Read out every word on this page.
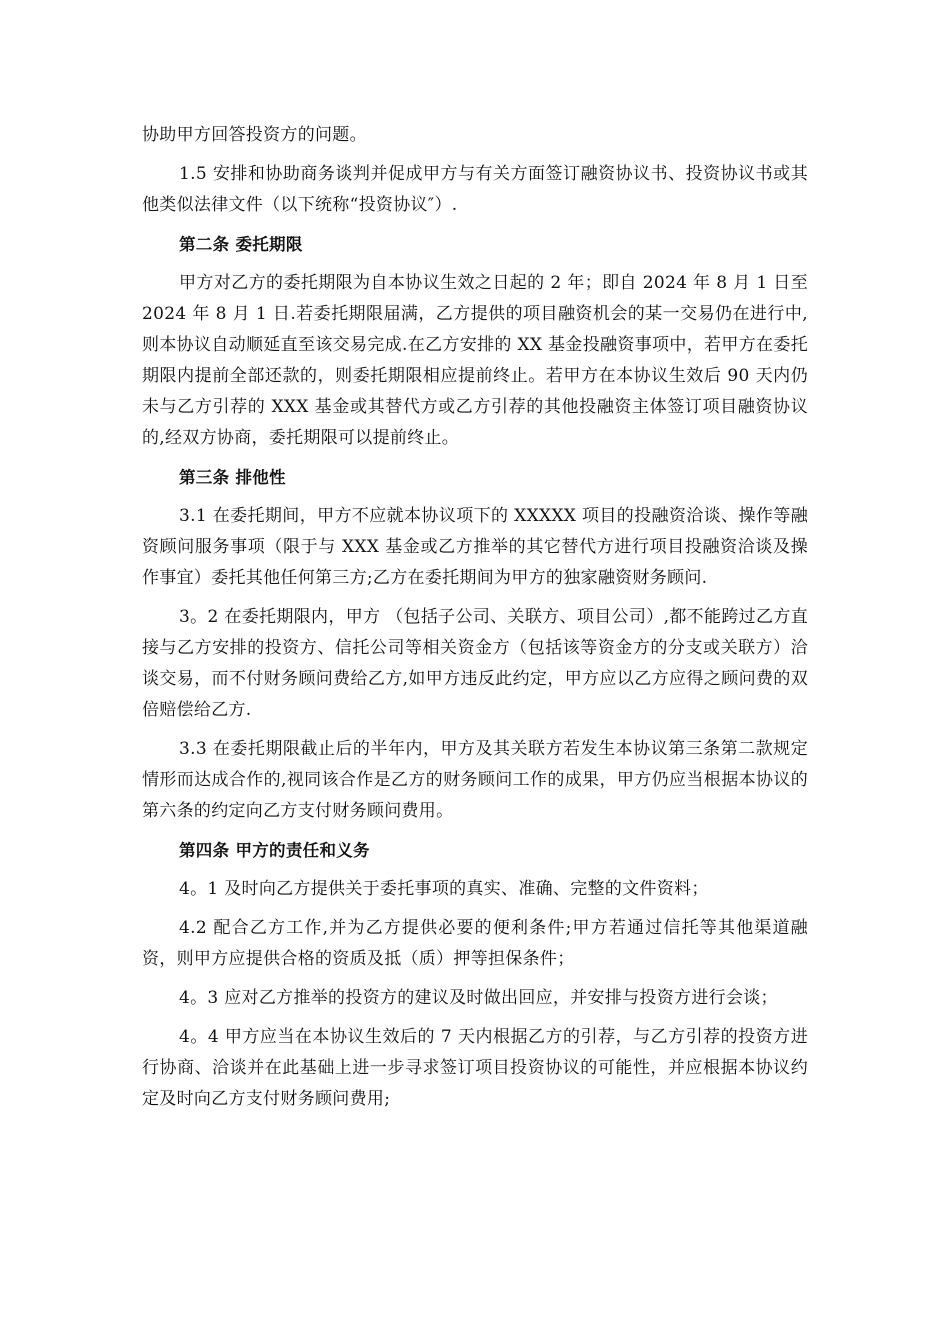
协助甲方回答投资方的问题。

1.5 安排和协助商务谈判并促成甲方与有关方面签订融资协议书、投资协议书或其他类似法律文件（以下统称“投资协议″）.

第二条 委托期限

甲方对乙方的委托期限为自本协议生效之日起的 2 年；即自 2024 年 8 月 1 日至 2024 年 8 月 1 日.若委托期限届满，乙方提供的项目融资机会的某一交易仍在进行中,则本协议自动顺延直至该交易完成.在乙方安排的 XX 基金投融资事项中，若甲方在委托期限内提前全部还款的，则委托期限相应提前终止。若甲方在本协议生效后 90 天内仍未与乙方引荐的 XXX 基金或其替代方或乙方引荐的其他投融资主体签订项目融资协议的,经双方协商，委托期限可以提前终止。

第三条 排他性

3.1 在委托期间，甲方不应就本协议项下的 XXXXX 项目的投融资洽谈、操作等融资顾问服务事项（限于与 XXX 基金或乙方推举的其它替代方进行项目投融资洽谈及操作事宜）委托其他任何第三方;乙方在委托期间为甲方的独家融资财务顾问.

3。2 在委托期限内，甲方 （包括子公司、关联方、项目公司）,都不能跨过乙方直接与乙方安排的投资方、信托公司等相关资金方（包括该等资金方的分支或关联方）洽谈交易，而不付财务顾问费给乙方,如甲方违反此约定，甲方应以乙方应得之顾问费的双倍赔偿给乙方.

3.3 在委托期限截止后的半年内，甲方及其关联方若发生本协议第三条第二款规定情形而达成合作的,视同该合作是乙方的财务顾问工作的成果，甲方仍应当根据本协议的第六条的约定向乙方支付财务顾问费用。

第四条 甲方的责任和义务

4。1 及时向乙方提供关于委托事项的真实、准确、完整的文件资料；

4.2 配合乙方工作,并为乙方提供必要的便利条件;甲方若通过信托等其他渠道融资，则甲方应提供合格的资质及抵（质）押等担保条件；

4。3 应对乙方推举的投资方的建议及时做出回应，并安排与投资方进行会谈；

4。4 甲方应当在本协议生效后的 7 天内根据乙方的引荐，与乙方引荐的投资方进行协商、洽谈并在此基础上进一步寻求签订项目投资协议的可能性，并应根据本协议约定及时向乙方支付财务顾问费用;
